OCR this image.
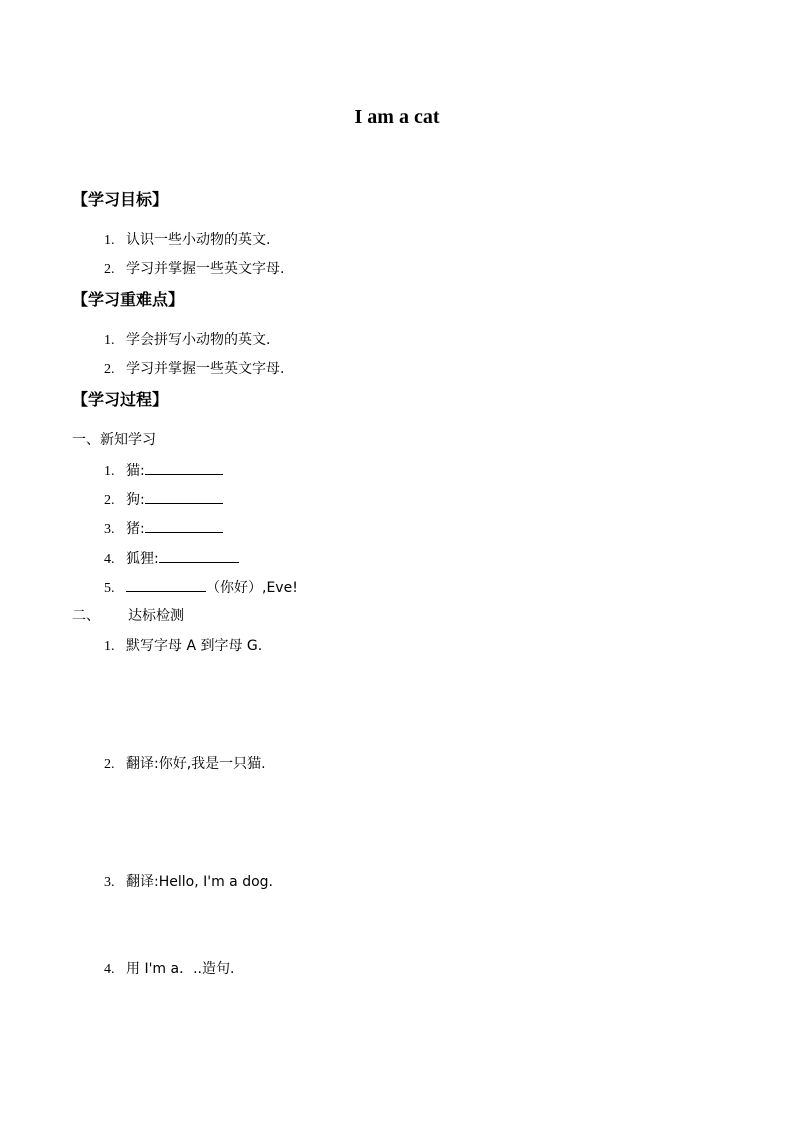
I am a cat
【学习目标】
1. 认识一些小动物的英文.
2. 学习并掌握一些英文字母.
【学习重难点】
1. 学会拼写小动物的英文.
2. 学习并掌握一些英文字母.
【学习过程】
一、新知学习
1. 猫:
2. 狗:
3. 猪:
4. 狐狸:
5.	（你好）,Eve!
二、 达标检测
1. 默写字母 A 到字母 G.
2. 翻译:你好,我是一只猫.
3. 翻译:Hello, I'm a dog.
4. 用 I'm a．..造句.
